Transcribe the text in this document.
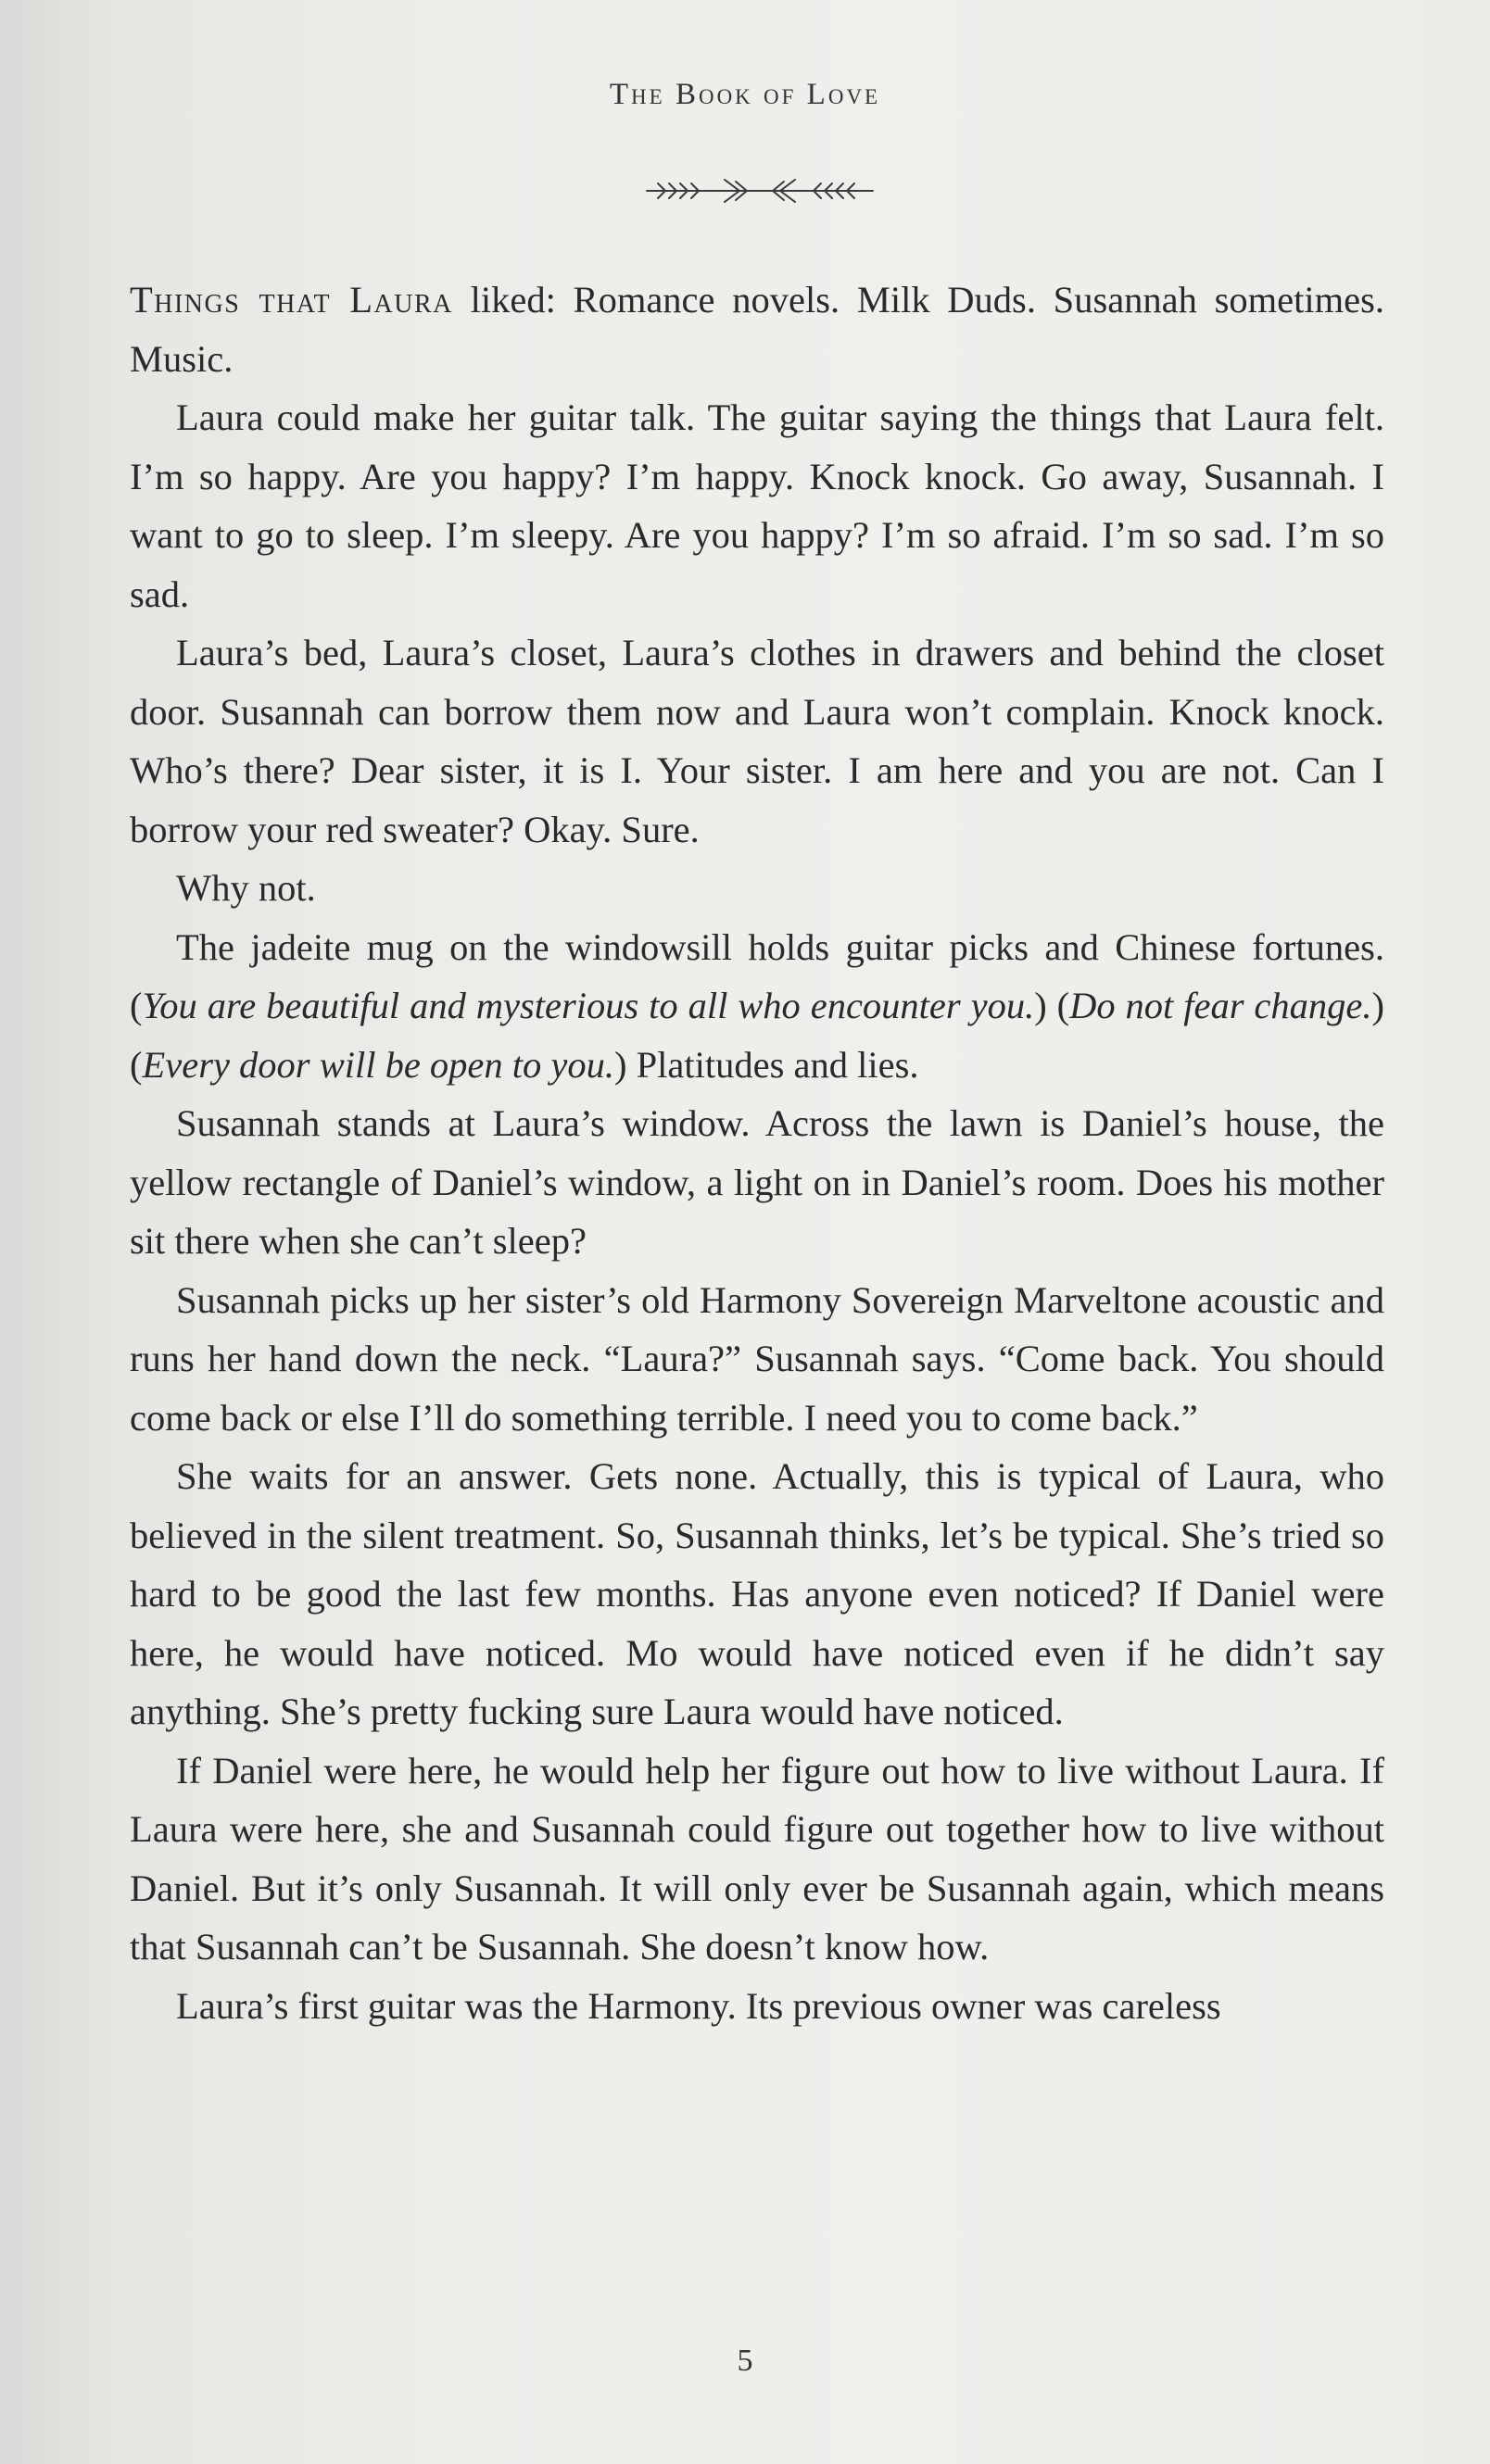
The Book of Love

Things that Laura liked: Romance novels. Milk Duds. Susannah sometimes. Music.

Laura could make her guitar talk. The guitar saying the things that Laura felt. I’m so happy. Are you happy? I’m happy. Knock knock. Go away, Susannah. I want to go to sleep. I’m sleepy. Are you happy? I’m so afraid. I’m so sad. I’m so sad.

Laura’s bed, Laura’s closet, Laura’s clothes in drawers and behind the closet door. Susannah can borrow them now and Laura won’t complain. Knock knock. Who’s there? Dear sister, it is I. Your sister. I am here and you are not. Can I borrow your red sweater? Okay. Sure.

Why not.

The jadeite mug on the windowsill holds guitar picks and Chinese fortunes. (You are beautiful and mysterious to all who encounter you.) (Do not fear change.) (Every door will be open to you.) Platitudes and lies.

Susannah stands at Laura’s window. Across the lawn is Daniel’s house, the yellow rectangle of Daniel’s window, a light on in Daniel’s room. Does his mother sit there when she can’t sleep?

Susannah picks up her sister’s old Harmony Sovereign Marveltone acoustic and runs her hand down the neck. “Laura?” Susannah says. “Come back. You should come back or else I’ll do something terrible. I need you to come back.”

She waits for an answer. Gets none. Actually, this is typical of Laura, who believed in the silent treatment. So, Susannah thinks, let’s be typical. She’s tried so hard to be good the last few months. Has anyone even noticed? If Daniel were here, he would have noticed. Mo would have noticed even if he didn’t say anything. She’s pretty fucking sure Laura would have noticed.

If Daniel were here, he would help her figure out how to live without Laura. If Laura were here, she and Susannah could figure out together how to live without Daniel. But it’s only Susannah. It will only ever be Susannah again, which means that Susannah can’t be Susannah. She doesn’t know how.

Laura’s first guitar was the Harmony. Its previous owner was careless

5
